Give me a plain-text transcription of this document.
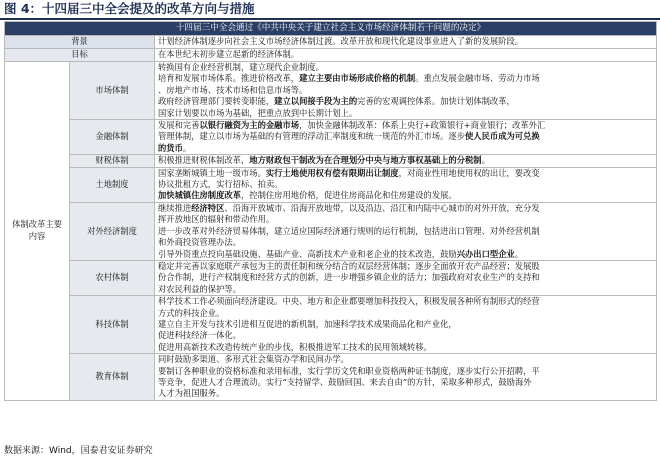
图 4：十四届三中全会提及的改革方向与措施
十四届三中全会通过《中共中央关于建立社会主义市场经济体制若干问题的决定》		
背景		计划经济体制逐步向社会主义市场经济体制过渡。改革开放和现代化建设事业进入了新的发展阶段。
目标		在本世纪末初步建立起新的经济体制。
体制改革主要内容	市场体制	转换国有企业经营机制，建立现代企业制度。
培育和发展市场体系。推进价格改革，建立主要由市场形成价格的机制。重点发展金融市场、劳动力市场
、房地产市场、技术市场和信息市场等。
政府经济管理部门要转变职能，建立以间接手段为主的完善的宏观调控体系。加快计划体制改革，
国家计划要以市场为基础，把重点放到中长期计划上。

	金融体制	发展和完善以银行融资为主的金融市场，加快金融体制改革：体系上央行+政策银行+商业银行；改革外汇
管理体制，建立以市场为基础的有管理的浮动汇率制度和统一规范的外汇市场。逐步使人民币成为可兑换
的货币。

	财税体制	积极推进财税体制改革，地方财政包干制改为在合理划分中央与地方事权基础上的分税制。

	土地制度	国家垄断城镇土地一级市场。实行土地使用权有偿有限期出让制度，对商业性用地使用权的出让，要改变
协议批租方式，实行招标、拍卖。
加快城镇住房制度改革，控制住房用地价格，促进住房商品化和住房建设的发展。

	对外经济制度	继续推进经济特区、沿海开放城市、沿海开放地带，以及沿边、沿江和内陆中心城市的对外开放，充分发
挥开放地区的辐射和带动作用。
进一步改革对外经济贸易体制，建立适应国际经济通行规则的运行机制，包括进出口管理、对外经营机制
和外商投资管理办法。
引导外资重点投向基础设施、基础产业、高新技术产业和老企业的技术改造，鼓励兴办出口型企业。

	农村体制	稳定并完善以家庭联产承包为主的责任制和统分结合的双层经营体制；逐步全面放开农产品经营；发展股
份合作制，进行产权制度和经营方式的创新，进一步增强乡镇企业的活力；加强政府对农业生产的支持和
对农民利益的保护等。

	科技体制	科学技术工作必须面向经济建设。中央、地方和企业都要增加科技投入，积极发展各种所有制形式的经营
方式的科技企业。
建立自主开发与技术引进相互促进的新机制，加速科学技术成果商品化和产业化，
促进科技经济一体化。
促进用高新技术改造传统产业的步伐，积极推进军工技术的民用领域转移。

	教育体制	同时鼓励多渠道、多形式社会集资办学和民间办学。
要制订各种职业的资格标准和录用标准，实行学历文凭和职业资格两种证书制度，逐步实行公开招聘，平
等竞争，促进人才合理流动。实行“支持留学、鼓励回国、来去自由”的方针，采取多种形式，鼓励海外
人才为祖国服务。
数据来源：Wind，国泰君安证券研究
